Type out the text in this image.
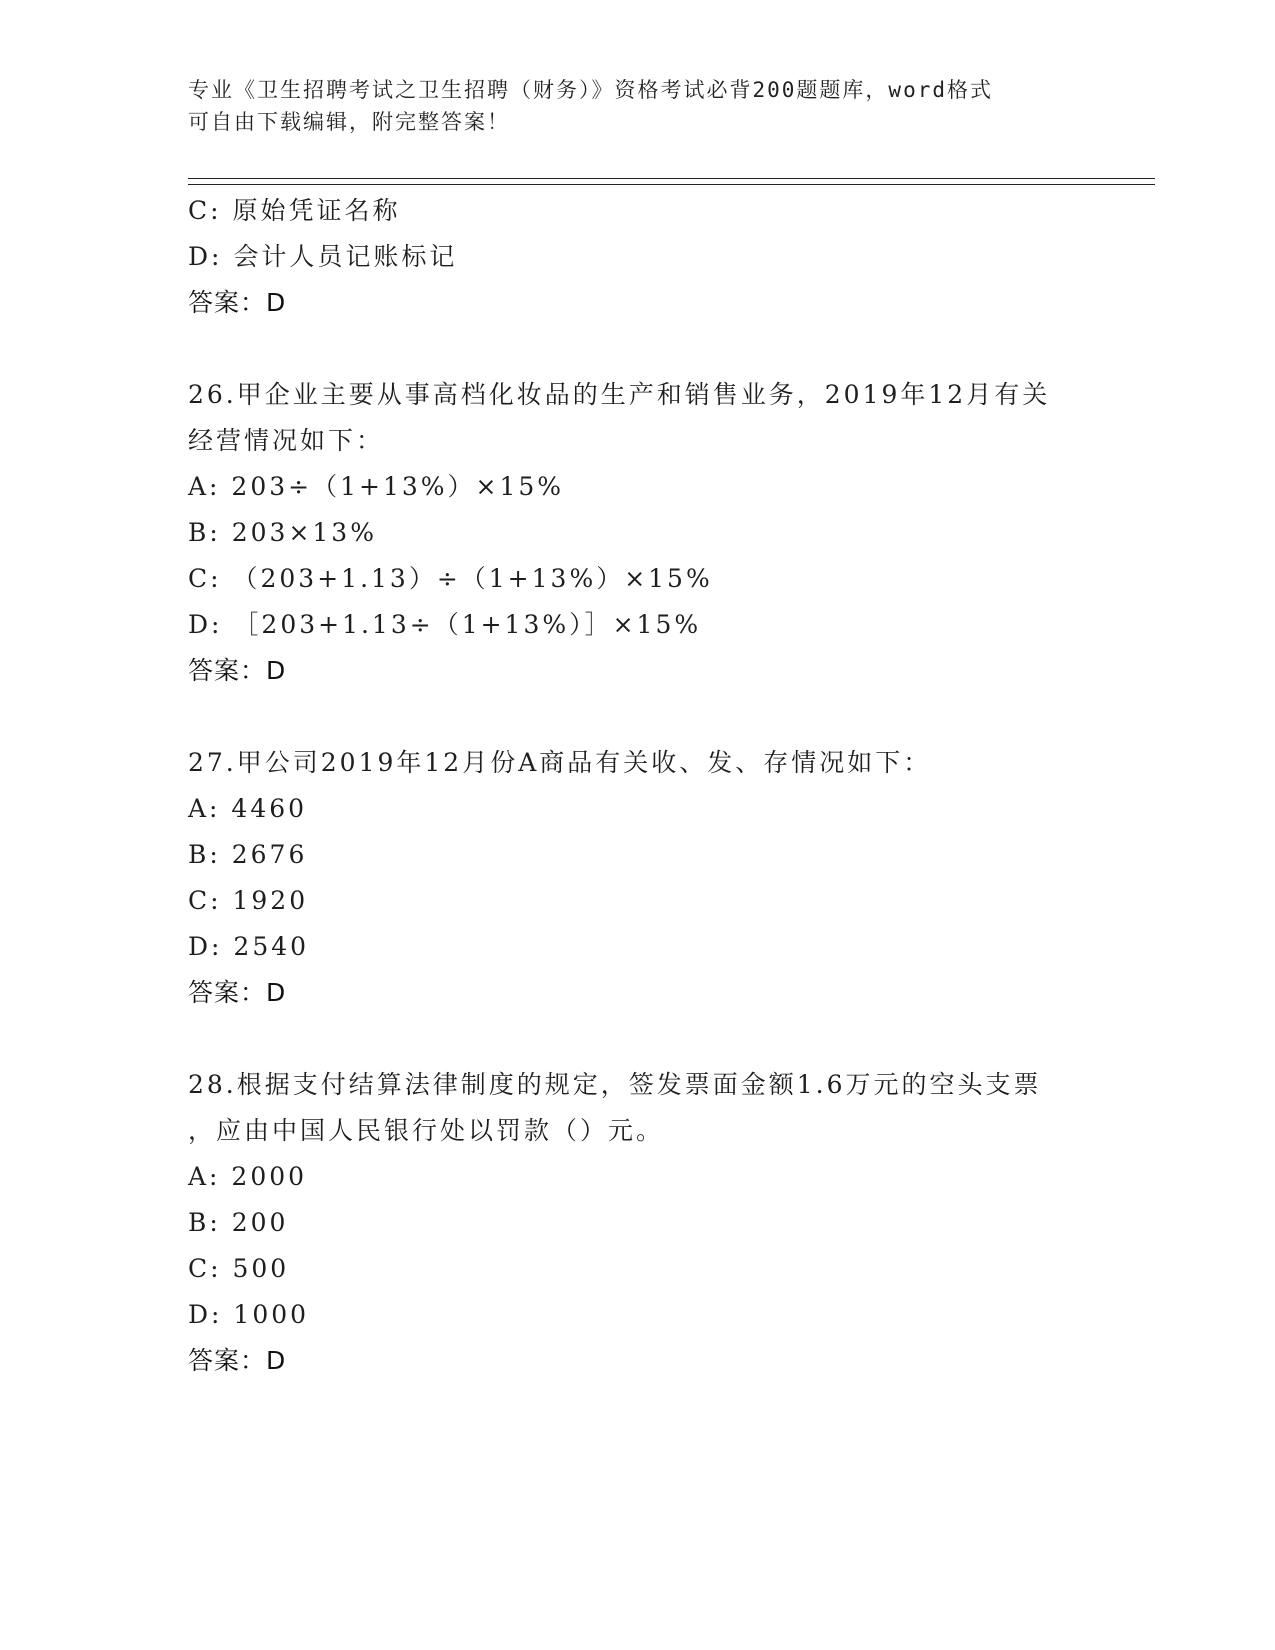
专业《卫生招聘考试之卫生招聘（财务）》资格考试必背200题题库，word格式
可自由下载编辑，附完整答案！
C: 原始凭证名称
D: 会计人员记账标记
答案：D
26.甲企业主要从事高档化妆品的生产和销售业务，2019年12月有关
经营情况如下：
A: 203÷（1+13%）×15%
B: 203×13%
C: （203+1.13）÷（1+13%）×15%
D: ［203+1.13÷（1+13%）］×15%
答案：D
27.甲公司2019年12月份A商品有关收、发、存情况如下：
A: 4460
B: 2676
C: 1920
D: 2540
答案：D
28.根据支付结算法律制度的规定，签发票面金额1.6万元的空头支票
，应由中国人民银行处以罚款（）元。
A: 2000
B: 200
C: 500
D: 1000
答案：D
